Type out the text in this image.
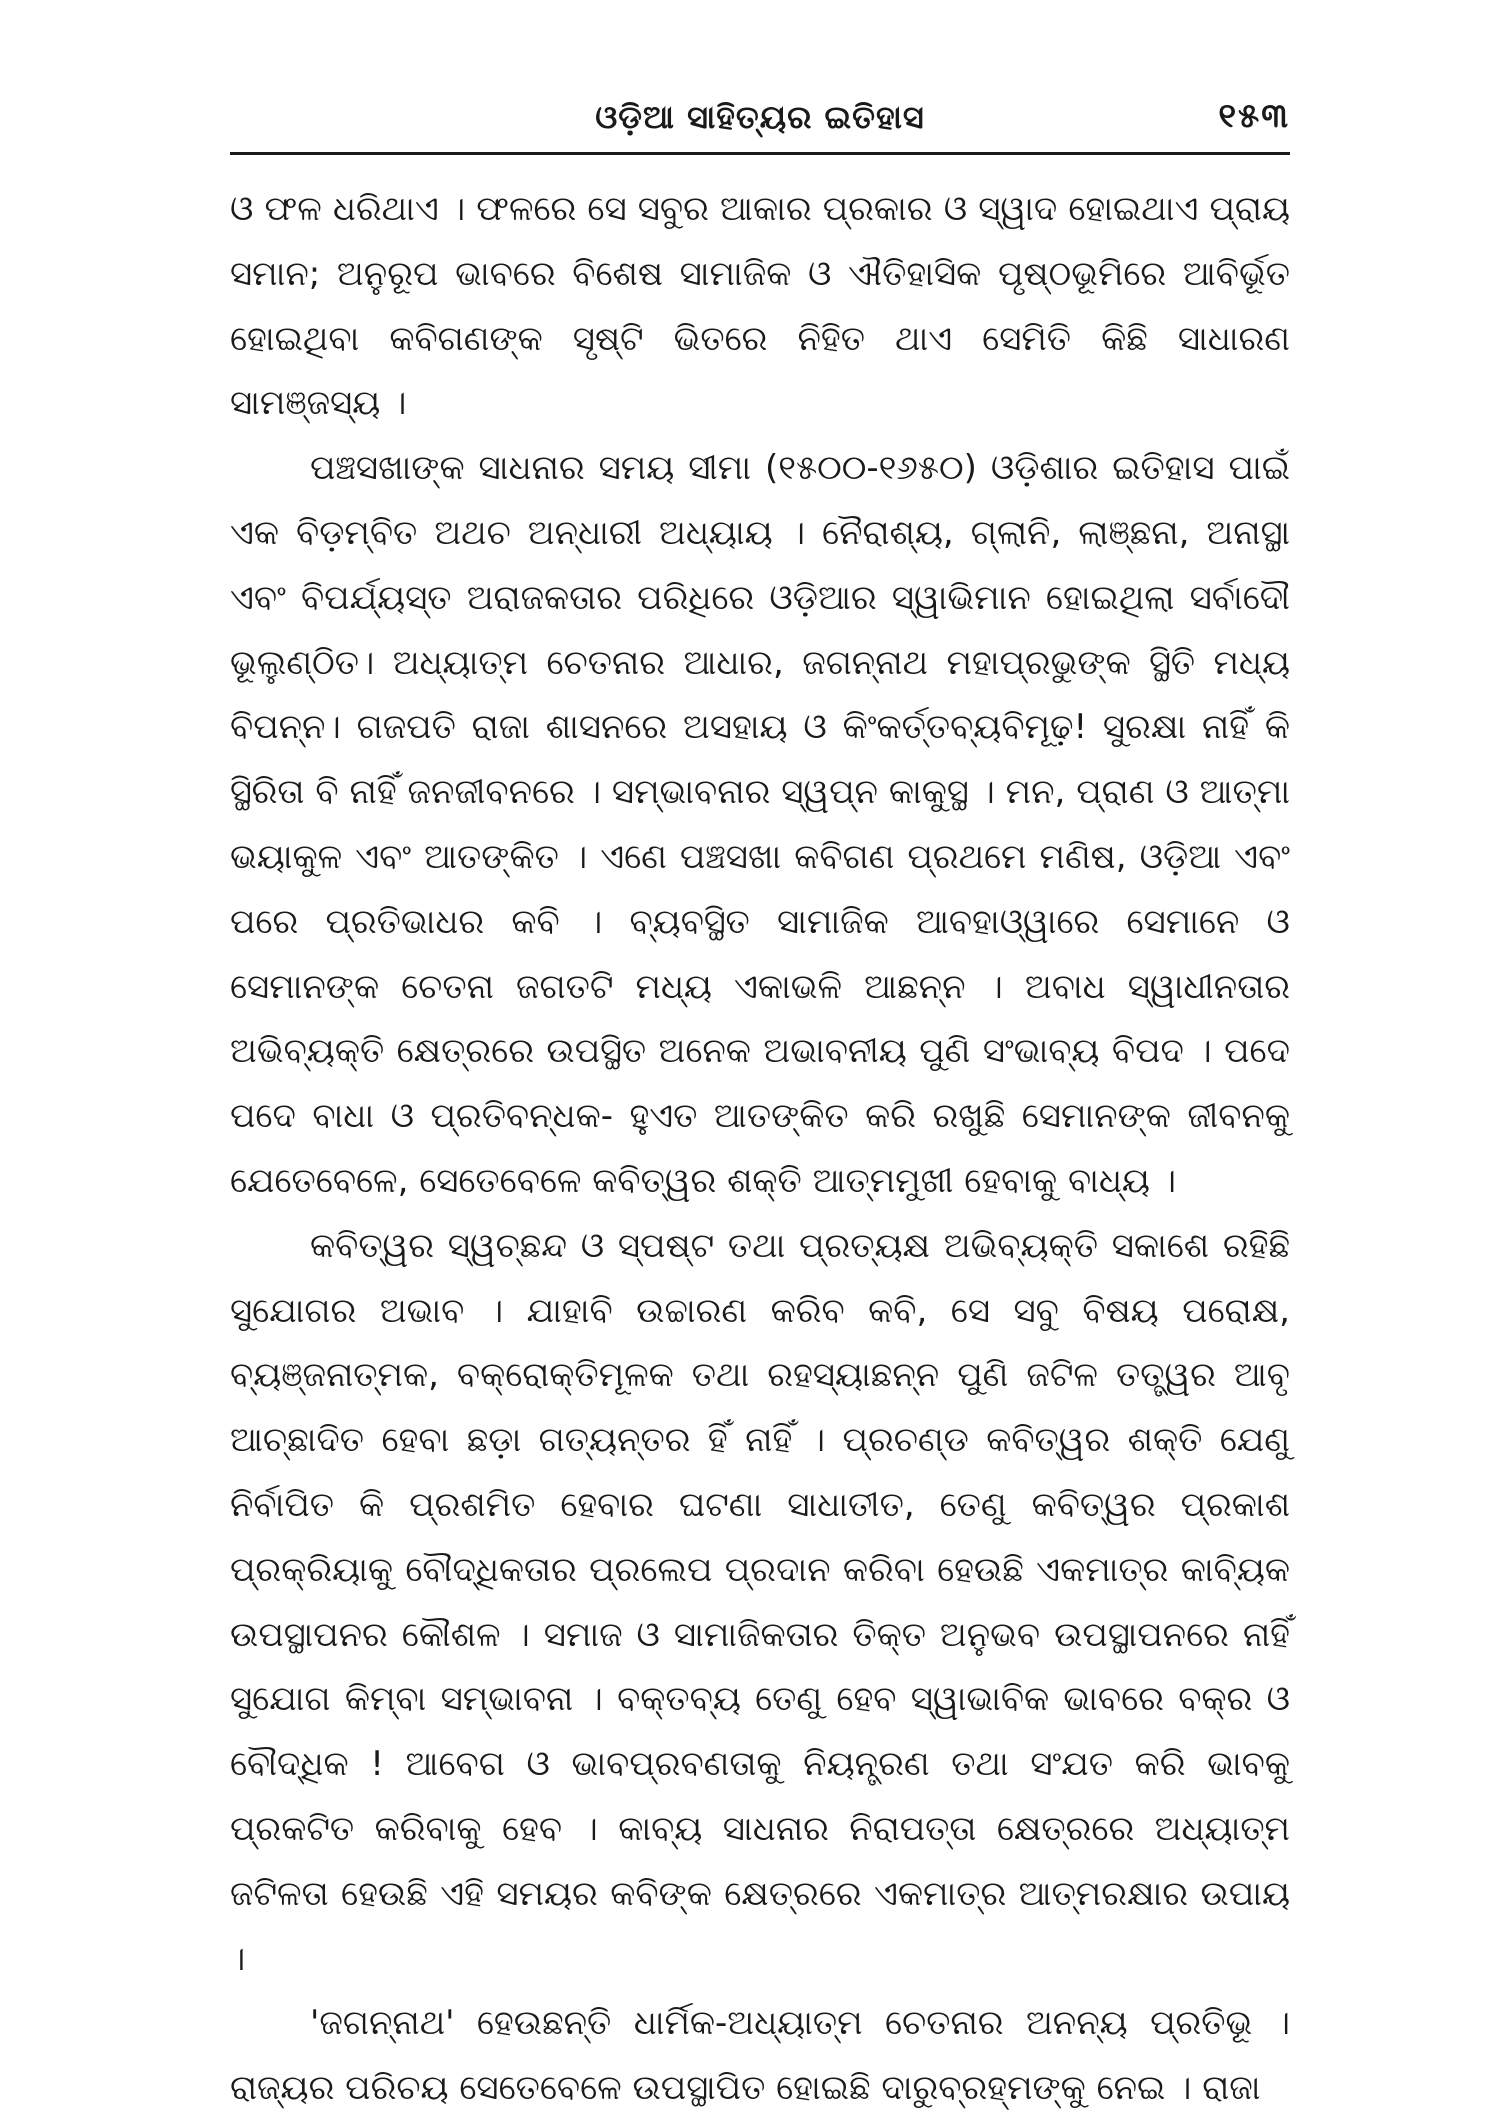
ଓଡ଼ିଆ ସାହିତ୍ୟର ଇତିହାସ	୧୫୩

ଓ ଫଳ ଧରିଥାଏ । ଫଳରେ ସେ ସବୁର ଆକାର ପ୍ରକାର ଓ ସ୍ୱାଦ ହୋଇଥାଏ ପ୍ରାୟ ସମାନ; ଅନୁରୂପ ଭାବରେ ବିଶେଷ ସାମାଜିକ ଓ ଐତିହାସିକ ପୃଷ୍ଠଭୂମିରେ ଆବିର୍ଭୂତ ହୋଇଥିବା କବିଗଣଙ୍କ ସୃଷ୍ଟି ଭିତରେ ନିହିତ ଥାଏ ସେମିତି କିଛି ସାଧାରଣ ସାମଞ୍ଜସ୍ୟ ।

ପଞ୍ଚସଖାଙ୍କ ସାଧନାର ସମୟ ସୀମା (୧୫୦୦-୧୬୫୦) ଓଡ଼ିଶାର ଇତିହାସ ପାଇଁ ଏକ ବିଡ଼ମ୍ବିତ ଅଥଚ ଅନ୍ଧାରୀ ଅଧ୍ୟାୟ । ନୈରାଶ୍ୟ, ଗ୍ଲାନି, ଲାଞ୍ଛନା, ଅନାସ୍ଥା ଏବଂ ବିପର୍ଯ୍ୟସ୍ତ ଅରାଜକତାର ପରିଧିରେ ଓଡ଼ିଆର ସ୍ୱାଭିମାନ ହୋଇଥିଲା ସର୍ବାଦୌ ଭୂଲୁଣ୍ଠିତ। ଅଧ୍ୟାତ୍ମ ଚେତନାର ଆଧାର, ଜଗନ୍ନାଥ ମହାପ୍ରଭୁଙ୍କ ସ୍ଥିତି ମଧ୍ୟ ବିପନ୍ନ। ଗଜପତି ରାଜା ଶାସନରେ ଅସହାୟ ଓ କିଂକର୍ତ୍ତବ୍ୟବିମୂଢ଼! ସୁରକ୍ଷା ନାହିଁ କି ସ୍ଥିରିତା ବି ନାହିଁ ଜନଜୀବନରେ । ସମ୍ଭାବନାର ସ୍ୱପ୍ନ କାକୁସ୍ଥ । ମନ, ପ୍ରାଣ ଓ ଆତ୍ମା ଭୟାକୁଳ ଏବଂ ଆତଙ୍କିତ । ଏଣେ ପଞ୍ଚସଖା କବିଗଣ ପ୍ରଥମେ ମଣିଷ, ଓଡ଼ିଆ ଏବଂ ପରେ ପ୍ରତିଭାଧର କବି । ବ୍ୟବସ୍ଥିତ ସାମାଜିକ ଆବହାଓ୍ୱାରେ ସେମାନେ ଓ ସେମାନଙ୍କ ଚେତନା ଜଗତଟି ମଧ୍ୟ ଏକାଭଳି ଆଛନ୍ନ । ଅବାଧ ସ୍ୱାଧୀନତାର ଅଭିବ୍ୟକ୍ତି କ୍ଷେତ୍ରରେ ଉପସ୍ଥିତ ଅନେକ ଅଭାବନୀୟ ପୁଣି ସଂଭାବ୍ୟ ବିପଦ । ପଦେ ପଦେ ବାଧା ଓ ପ୍ରତିବନ୍ଧକ- ହୁଏତ ଆତଙ୍କିତ କରି ରଖୁଛି ସେମାନଙ୍କ ଜୀବନକୁ ଯେତେବେଳେ, ସେତେବେଳେ କବିତ୍ୱର ଶକ୍ତି ଆତ୍ମମୁଖୀ ହେବାକୁ ବାଧ୍ୟ ।

କବିତ୍ୱର ସ୍ୱଚ୍ଛନ୍ଦ ଓ ସ୍ପଷ୍ଟ ତଥା ପ୍ରତ୍ୟକ୍ଷ ଅଭିବ୍ୟକ୍ତି ସକାଶେ ରହିଛି ସୁଯୋଗର ଅଭାବ । ଯାହାବି ଉଚ୍ଚାରଣ କରିବ କବି, ସେ ସବୁ ବିଷୟ ପରୋକ୍ଷ, ବ୍ୟଞ୍ଜନାତ୍ମକ, ବକ୍ରୋକ୍ତିମୂଳକ ତଥା ରହସ୍ୟାଛନ୍ନ ପୁଣି ଜଟିଳ ତତ୍ତ୍ୱର ଆବୃ ଆଚ୍ଛାଦିତ ହେବା ଛଡ଼ା ଗତ୍ୟନ୍ତର ହିଁ ନାହିଁ । ପ୍ରଚଣ୍ଡ କବିତ୍ୱର ଶକ୍ତି ଯେଣୁ ନିର୍ବାପିତ କି ପ୍ରଶମିତ ହେବାର ଘଟଣା ସାଧାତୀତ, ତେଣୁ କବିତ୍ୱର ପ୍ରକାଶ ପ୍ରକ୍ରିୟାକୁ ବୌଦ୍ଧିକତାର ପ୍ରଲେପ ପ୍ରଦାନ କରିବା ହେଉଛି ଏକମାତ୍ର କାବ୍ୟିକ ଉପସ୍ଥାପନର କୌଶଳ । ସମାଜ ଓ ସାମାଜିକତାର ତିକ୍ତ ଅନୁଭବ ଉପସ୍ଥାପନରେ ନାହିଁ ସୁଯୋଗ କିମ୍ବା ସମ୍ଭାବନା । ବକ୍ତବ୍ୟ ତେଣୁ ହେବ ସ୍ୱାଭାବିକ ଭାବରେ ବକ୍ର ଓ ବୌଦ୍ଧିକ ! ଆବେଗ ଓ ଭାବପ୍ରବଣତାକୁ ନିୟନ୍ତ୍ରଣ ତଥା ସଂଯତ କରି ଭାବକୁ ପ୍ରକଟିତ କରିବାକୁ ହେବ । କାବ୍ୟ ସାଧନାର ନିରାପତ୍ତା କ୍ଷେତ୍ରରେ ଅଧ୍ୟାତ୍ମ ଜଟିଳତା ହେଉଛି ଏହି ସମୟର କବିଙ୍କ କ୍ଷେତ୍ରରେ ଏକମାତ୍ର ଆତ୍ମରକ୍ଷାର ଉପାୟ ।

'ଜଗନ୍ନାଥ' ହେଉଛନ୍ତି ଧାର୍ମିକ-ଅଧ୍ୟାତ୍ମ ଚେତନାର ଅନନ୍ୟ ପ୍ରତିଭୂ । ରାଜ୍ୟର ପରିଚୟ ସେତେବେଳେ ଉପସ୍ଥାପିତ ହୋଇଛି ଦାରୁବ୍ରହ୍ମଙ୍କୁ ନେଇ । ରାଜା
